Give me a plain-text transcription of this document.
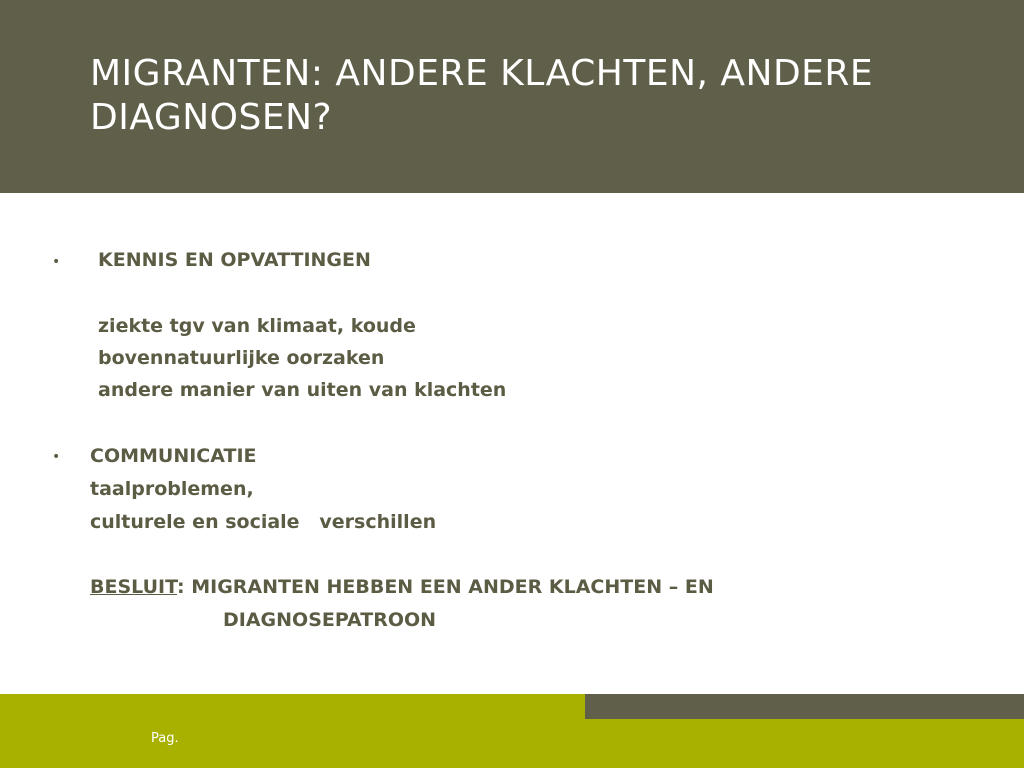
MIGRANTEN: ANDERE KLACHTEN, ANDERE DIAGNOSEN?
• KENNIS EN OPVATTINGEN

ziekte tgv van klimaat, koude

bovennatuurlijke oorzaken

andere manier van uiten van klachten

• COMMUNICATIE

taalproblemen,

culturele en sociale   verschillen

BESLUIT: MIGRANTEN HEBBEN EEN ANDER KLACHTEN – EN

DIAGNOSEPATROON

Pag.
